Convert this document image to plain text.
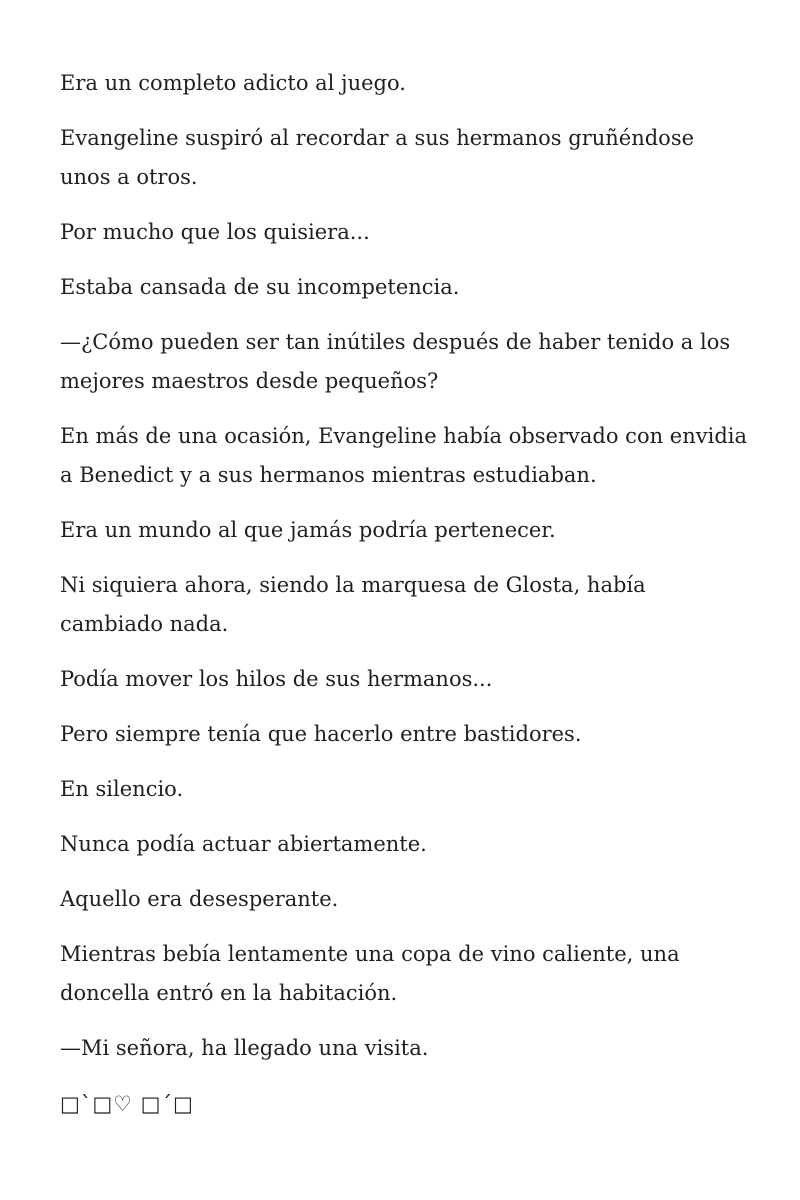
Era un completo adicto al juego.

Evangeline suspiró al recordar a sus hermanos gruñéndose unos a otros.

Por mucho que los quisiera...

Estaba cansada de su incompetencia.

—¿Cómo pueden ser tan inútiles después de haber tenido a los mejores maestros desde pequeños?

En más de una ocasión, Evangeline había observado con envidia a Benedict y a sus hermanos mientras estudiaban.

Era un mundo al que jamás podría pertenecer.

Ni siquiera ahora, siendo la marquesa de Glosta, había cambiado nada.

Podía mover los hilos de sus hermanos...

Pero siempre tenía que hacerlo entre bastidores.

En silencio.

Nunca podía actuar abiertamente.

Aquello era desesperante.

Mientras bebía lentamente una copa de vino caliente, una doncella entró en la habitación.

—Mi señora, ha llegado una visita.

□`□♡ □´□
